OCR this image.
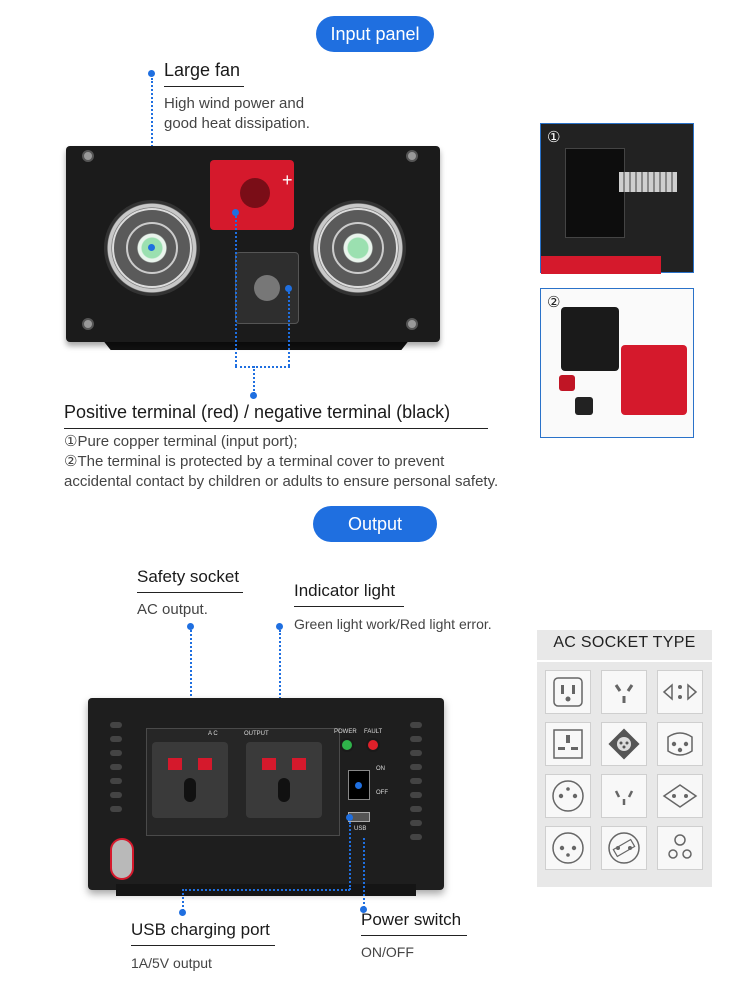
Input panel
Large fan
High wind power and
good heat dissipation.
+
Positive terminal (red) / negative terminal (black)
①Pure copper terminal (input port);
②The terminal is protected by a terminal cover to prevent
accidental contact by children or adults to ensure personal safety.
①
②
Output panel
Safety socket
AC output.
Indicator light
Green light work/Red light error.
A C	OUTPUT	POWER FAULT
ON
OFF
USB
USB charging port
1A/5V output
Power switch
ON/OFF
AC SOCKET TYPE
